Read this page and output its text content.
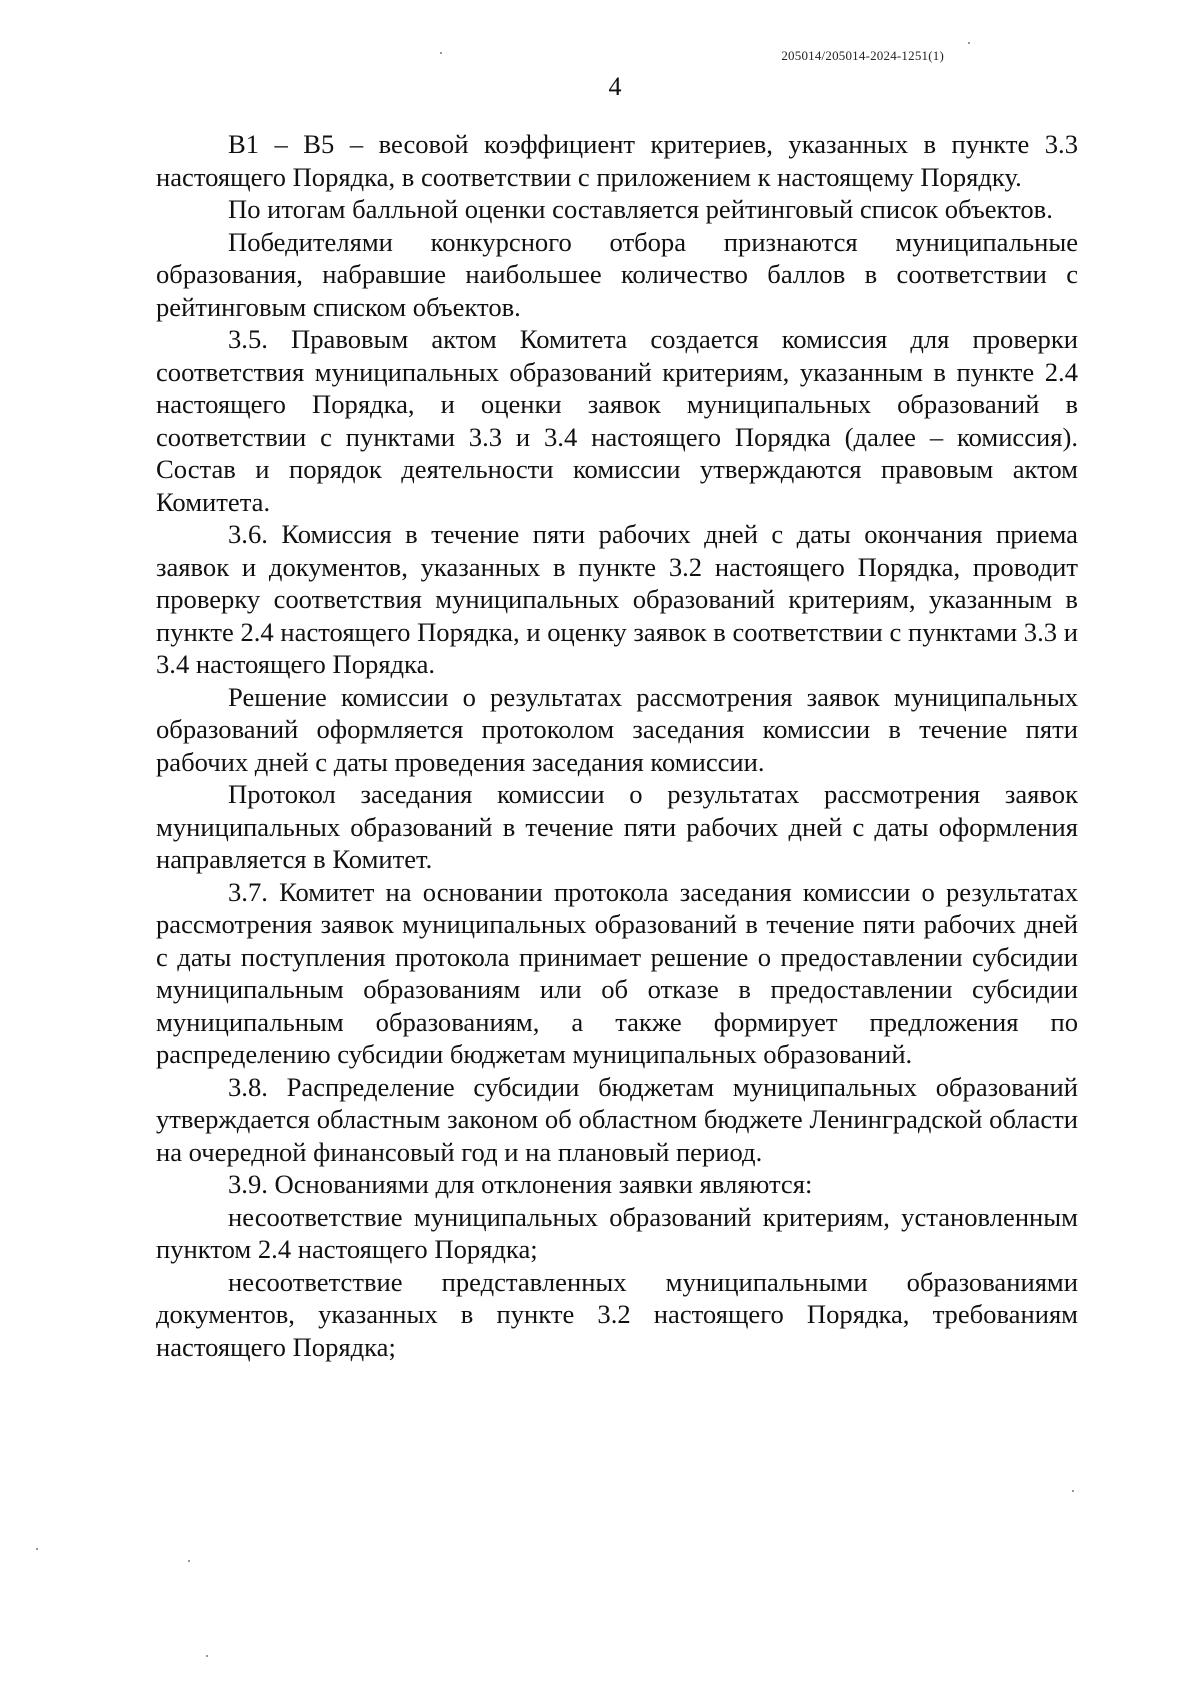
205014/205014-2024-1251(1)
4

В1 – В5 – весовой коэффициент критериев, указанных в пункте 3.3 настоящего Порядка, в соответствии с приложением к настоящему Порядку.

По итогам балльной оценки составляется рейтинговый список объектов.

Победителями конкурсного отбора признаются муниципальные образования, набравшие наибольшее количество баллов в соответствии с рейтинговым списком объектов.

3.5. Правовым актом Комитета создается комиссия для проверки соответствия муниципальных образований критериям, указанным в пункте 2.4 настоящего Порядка, и оценки заявок муниципальных образований в соответствии с пунктами 3.3 и 3.4 настоящего Порядка (далее – комиссия). Состав и порядок деятельности комиссии утверждаются правовым актом Комитета.

3.6. Комиссия в течение пяти рабочих дней с даты окончания приема заявок и документов, указанных в пункте 3.2 настоящего Порядка, проводит проверку соответствия муниципальных образований критериям, указанным в пункте 2.4 настоящего Порядка, и оценку заявок в соответствии с пунктами 3.3 и 3.4 настоящего Порядка.

Решение комиссии о результатах рассмотрения заявок муниципальных образований оформляется протоколом заседания комиссии в течение пяти рабочих дней с даты проведения заседания комиссии.

Протокол заседания комиссии о результатах рассмотрения заявок муниципальных образований в течение пяти рабочих дней с даты оформления направляется в Комитет.

3.7. Комитет на основании протокола заседания комиссии о результатах рассмотрения заявок муниципальных образований в течение пяти рабочих дней с даты поступления протокола принимает решение о предоставлении субсидии муниципальным образованиям или об отказе в предоставлении субсидии муниципальным образованиям, а также формирует предложения по распределению субсидии бюджетам муниципальных образований.

3.8. Распределение субсидии бюджетам муниципальных образований утверждается областным законом об областном бюджете Ленинградской области на очередной финансовый год и на плановый период.

3.9. Основаниями для отклонения заявки являются:

несоответствие муниципальных образований критериям, установленным пунктом 2.4 настоящего Порядка;

несоответствие представленных муниципальными образованиями документов, указанных в пункте 3.2 настоящего Порядка, требованиям настоящего Порядка;
